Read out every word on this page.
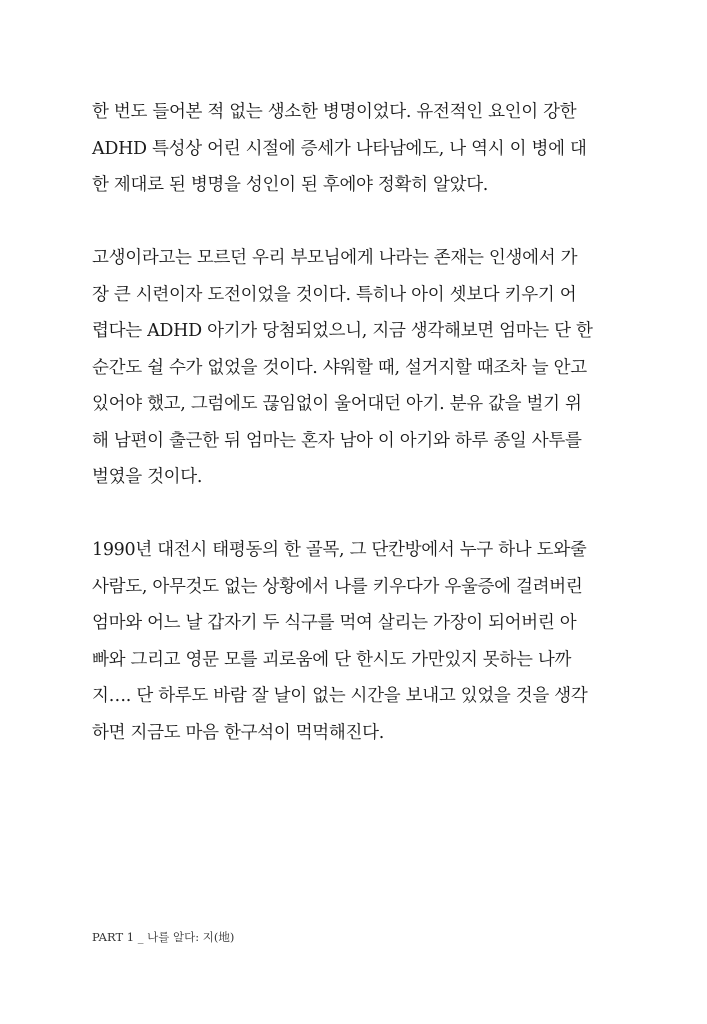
한 번도 들어본 적 없는 생소한 병명이었다. 유전적인 요인이 강한
ADHD 특성상 어린 시절에 증세가 나타남에도, 나 역시 이 병에 대
한 제대로 된 병명을 성인이 된 후에야 정확히 알았다.
고생이라고는 모르던 우리 부모님에게 나라는 존재는 인생에서 가
장 큰 시련이자 도전이었을 것이다. 특히나 아이 셋보다 키우기 어
렵다는 ADHD 아기가 당첨되었으니, 지금 생각해보면 엄마는 단 한
순간도 쉴 수가 없었을 것이다. 샤워할 때, 설거지할 때조차 늘 안고
있어야 했고, 그럼에도 끊임없이 울어대던 아기. 분유 값을 벌기 위
해 남편이 출근한 뒤 엄마는 혼자 남아 이 아기와 하루 종일 사투를
벌였을 것이다.
1990년 대전시 태평동의 한 골목, 그 단칸방에서 누구 하나 도와줄
사람도, 아무것도 없는 상황에서 나를 키우다가 우울증에 걸려버린
엄마와 어느 날 갑자기 두 식구를 먹여 살리는 가장이 되어버린 아
빠와 그리고 영문 모를 괴로움에 단 한시도 가만있지 못하는 나까
지…. 단 하루도 바람 잘 날이 없는 시간을 보내고 있었을 것을 생각
하면 지금도 마음 한구석이 먹먹해진다.
PART 1 _ 나를 알다: 지(地)
